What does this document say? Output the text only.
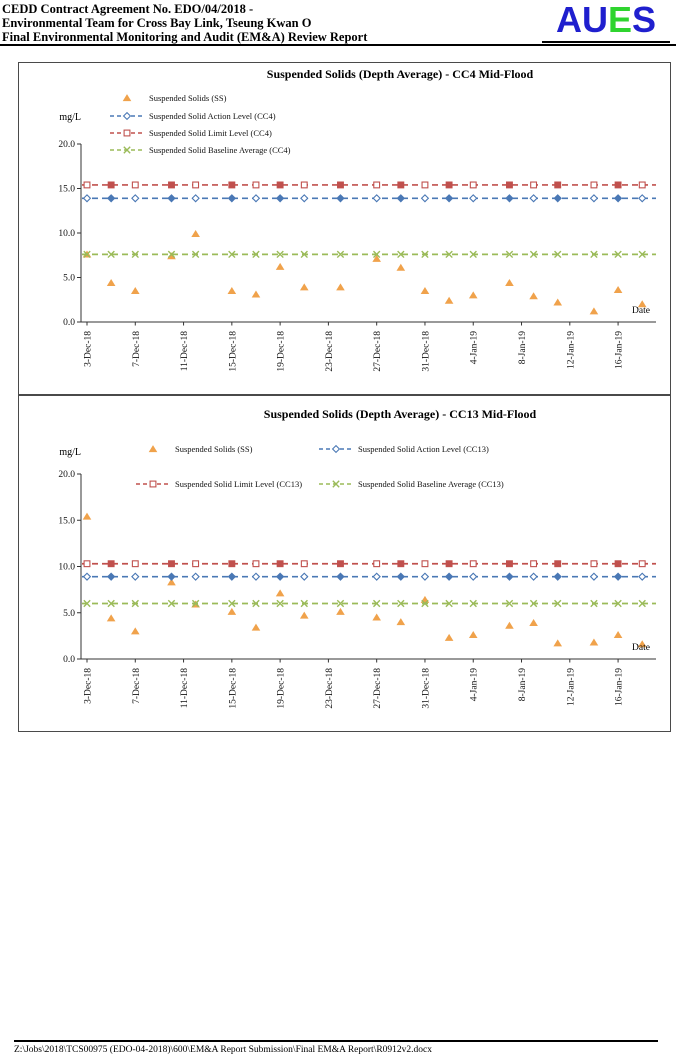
CEDD Contract Agreement No. EDO/04/2018 -
Environmental Team for Cross Bay Link, Tseung Kwan O
Final Environmental Monitoring and Audit (EM&A) Review Report	AUES
20.0
15.0
10.0
5.0
0.0
3-Dec-18	7-Dec-18	11-Dec-18	15-Dec-18	19-Dec-18	23-Dec-18	27-Dec-18	31-Dec-18	4-Jan-19	8-Jan-19	12-Jan-19	16-Jan-19
Suspended Solids (Depth Average) - CC4 Mid-Flood
mg/L
Date
Suspended Solids (SS)
Suspended Solid Action Level (CC4)
Suspended Solid Limit Level (CC4)
Suspended Solid Baseline Average (CC4)
20.0
15.0
10.0
5.0
0.0
3-Dec-18	7-Dec-18	11-Dec-18	15-Dec-18	19-Dec-18	23-Dec-18	27-Dec-18	31-Dec-18	4-Jan-19	8-Jan-19	12-Jan-19	16-Jan-19
Suspended Solids (Depth Average) - CC13 Mid-Flood
mg/L
Date
Suspended Solids (SS)	Suspended Solid Action Level (CC13)
Suspended Solid Limit Level (CC13)	Suspended Solid Baseline Average (CC13)
Z:\Jobs\2018\TCS00975 (EDO-04-2018)\600\EM&A Report Submission\Final EM&A Report\R0912v2.docx
